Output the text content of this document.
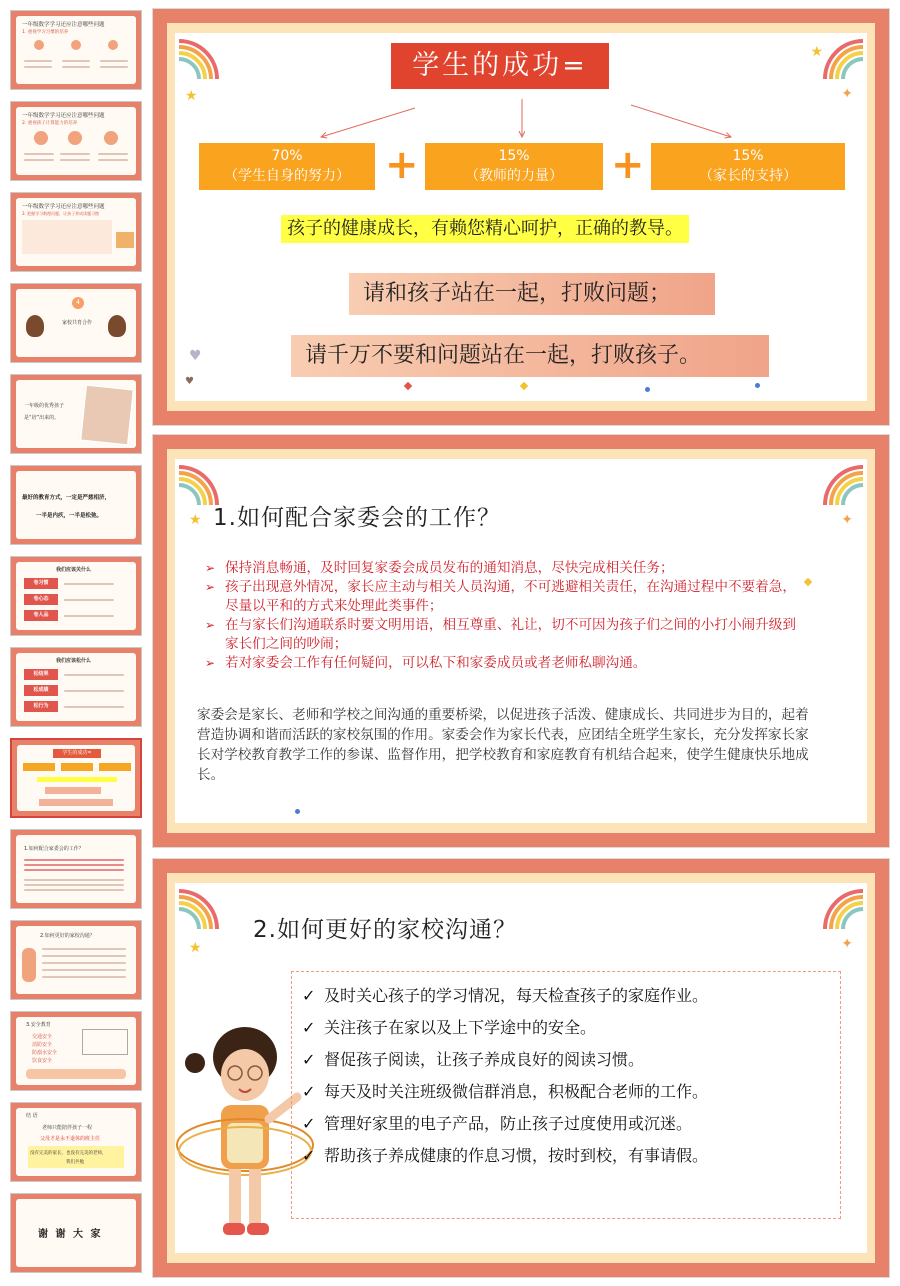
一年级数学学习还应注意哪些问题
1. 重视学习习惯的培养
一年级数学学习还应注意哪些问题
2. 重视孩子计算能力的培养
一年级数学学习还应注意哪些问题
3. 把握学习数理问题，让孩子养成读题习惯
4
家校共育合作
一年级的优秀孩子
是“培”出来的。
最好的教育方式，一定是严慈相济，
一半是内疚，一半是松弛。
我们应该关什么
卷习惯
卷心态
卷人品
我们应该松什么
松结果
松成绩
松行为
学生的成功=
1.如何配合家委会的工作？
2.如何更好的家校沟通？
3.安全教育
交通安全
消防安全
防溺水安全
饮食安全
结 语
老师只能陪伴孩子一程
父母才是永不退休的班主任
没有完美的家长，也没有完美的老师，
我们共勉
谢 谢 大 家
★
★
✦
♥
♥
学生的成功=
70%
（学生自身的努力） +	15%
（教师的力量）	+	15%
（家长的支持）
孩子的健康成长，有赖您精心呵护，正确的教导。
请和孩子站在一起，打败问题；
请千万不要和问题站在一起，打败孩子。
★	✦
1.如何配合家委会的工作？
➢ 保持消息畅通，及时回复家委会成员发布的通知消息，尽快完成相关任务；
➢ 孩子出现意外情况，家长应主动与相关人员沟通，不可逃避相关责任，在沟通过程中不要着急，尽量以平和的方式来处理此类事件；
➢ 在与家长们沟通联系时要文明用语，相互尊重、礼让，切不可因为孩子们之间的小打小闹升级到家长们之间的吵闹；
➢ 若对家委会工作有任何疑问，可以私下和家委成员或者老师私聊沟通。
家委会是家长、老师和学校之间沟通的重要桥梁，以促进孩子活泼、健康成长、共同进步为目的，起着营造协调和谐而活跃的家校氛围的作用。家委会作为家长代表，应团结全班学生家长，充分发挥家长家长对学校教育教学工作的参谋、监督作用，把学校教育和家庭教育有机结合起来，使学生健康快乐地成长。
★	✦
2.如何更好的家校沟通？
✓ 及时关心孩子的学习情况，每天检查孩子的家庭作业。
✓ 关注孩子在家以及上下学途中的安全。
✓ 督促孩子阅读，让孩子养成良好的阅读习惯。
✓ 每天及时关注班级微信群消息，积极配合老师的工作。
✓ 管理好家里的电子产品，防止孩子过度使用或沉迷。
✓ 帮助孩子养成健康的作息习惯，按时到校，有事请假。
